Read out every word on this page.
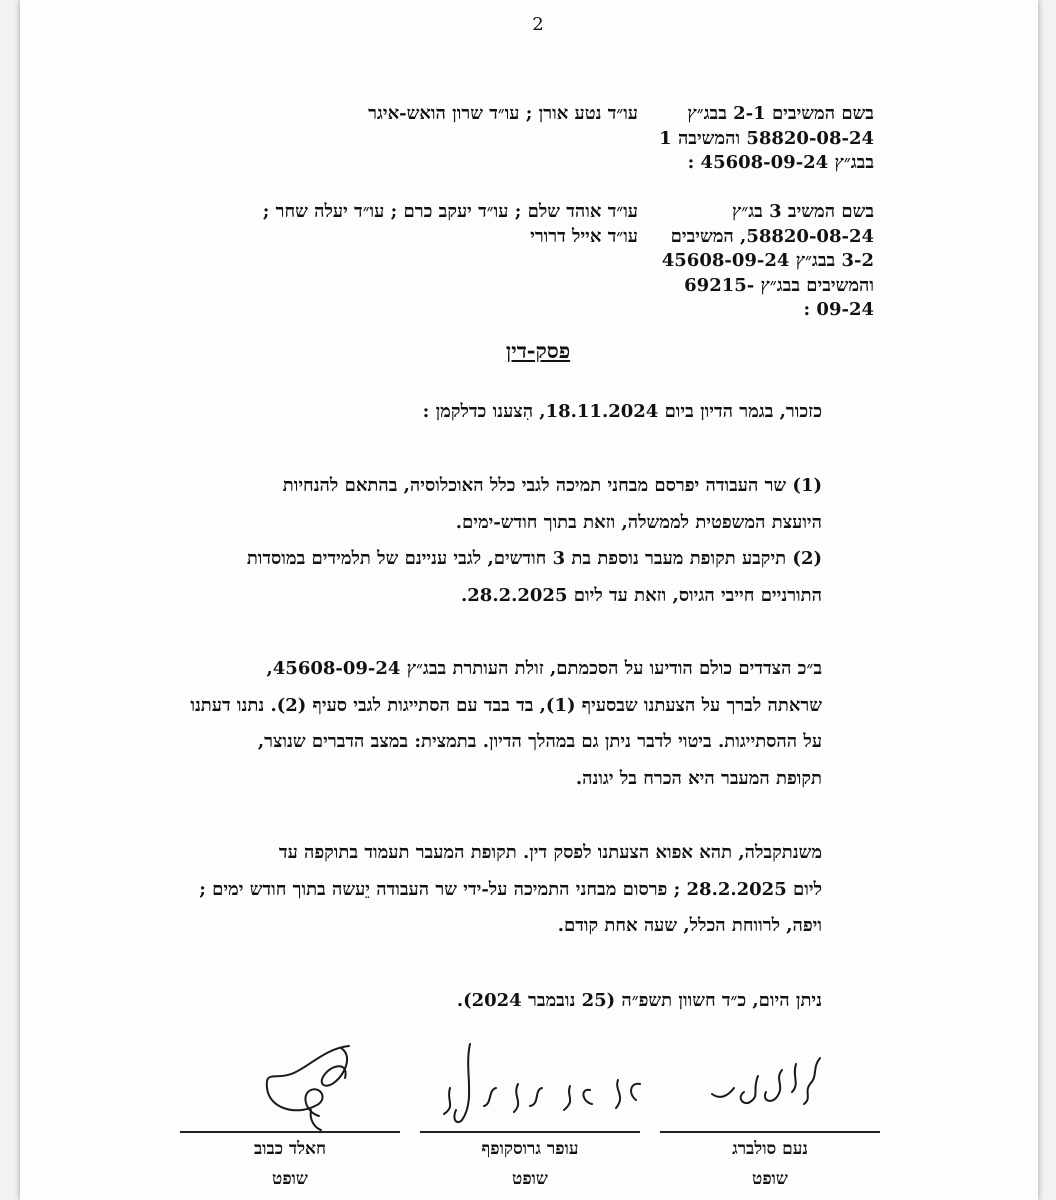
2
בשם המשיבים 2-1 בבג״ץ
58820-08-24 והמשיבה 1
בבג״ץ 45608-09-24 :
עו״ד נטע אורן ; עו״ד שרון הואש-איגר
בשם המשיב 3 בג״ץ
58820-08-24, המשיבים
3-2 בבג״ץ 45608-09-24
והמשיבים בבג״ץ -69215
09-24 :
עו״ד אוהד שלם ; עו״ד יעקב כרם ; עו״ד יעלה שחר ;
עו״ד אייל דרורי
פסק-דין
כזכור, בגמר הדיון ביום 18.11.2024, הִצענו כדלקמן :
(1) שר העבודה יפרסם מבחני תמיכה לגבי כלל האוכלוסיה, בהתאם להנחיות
היועצת המשפטית לממשלה, וזאת בתוך חודש-ימים.
(2) תיקבע תקופת מעבר נוספת בת 3 חודשים, לגבי עניינם של תלמידים במוסדות
התורניים חייבי הגיוס, וזאת עד ליום 28.2.2025.
ב״כ הצדדים כולם הודיעו על הסכמתם, זולת העותרת בבג״ץ 45608-09-24,
שראתה לברך על הצעתנו שבסעיף (1), בד בבד עם הסתייגות לגבי סעיף (2). נתנו דעתנו
על ההסתייגות. ביטוי לדבר ניתן גם במהלך הדיון. בתמצית: במצב הדברים שנוצר,
תקופת המעבר היא הכרח בל יגונה.
משנתקבלה, תהא אפוא הצעתנו לפסק דין. תקופת המעבר תעמוד בתוקפה עד
ליום 28.2.2025 ; פרסום מבחני התמיכה על-ידי שר העבודה יֵעשה בתוך חודש ימים ;
ויפה, לרווחת הכלל, שעה אחת קודם.
ניתן היום, כ״ד חשוון תשפ״ה (25 נובמבר 2024).
נעם סולברג
שופט
עופר גרוסקופף
שופט
חאלד כבוב
שופט
